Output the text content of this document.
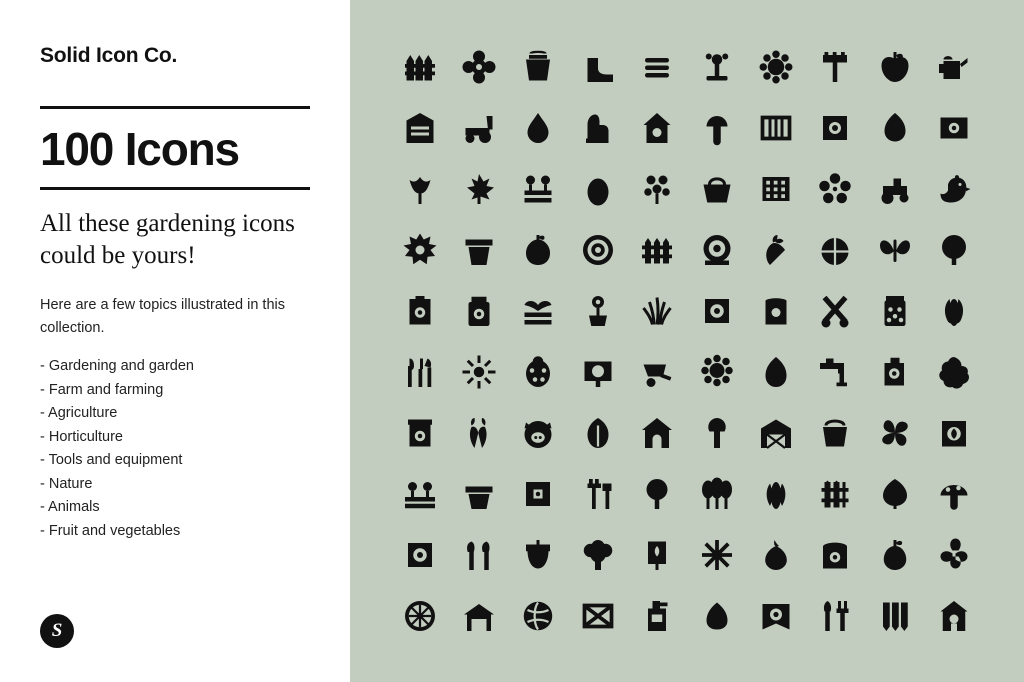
Solid Icon Co.
100 Icons
All these gardening icons could be yours!
Here are a few topics illustrated in this collection.
- Gardening and garden
- Farm and farming
- Agriculture
- Horticulture
- Tools and equipment
- Nature
- Animals
- Fruit and vegetables
S
